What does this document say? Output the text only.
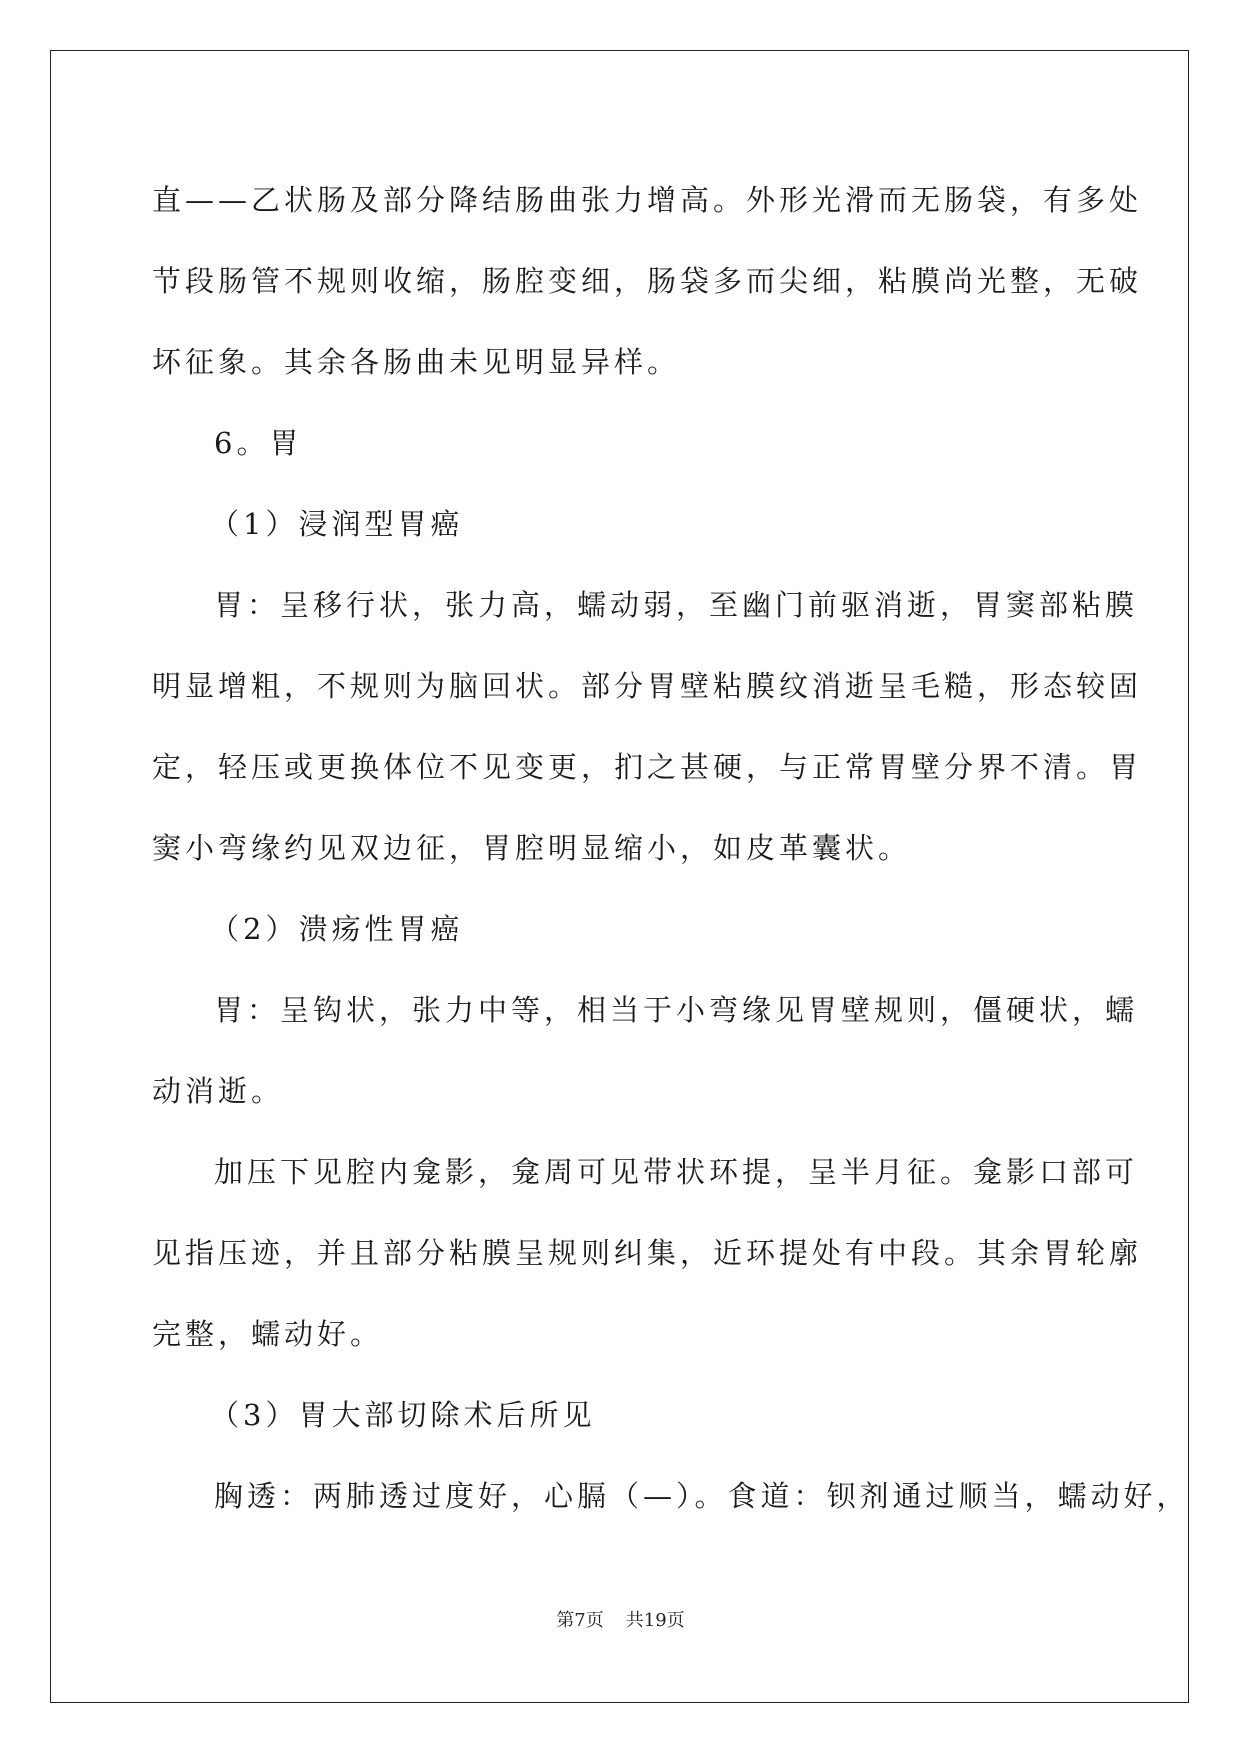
直——乙状肠及部分降结肠曲张力增高。外形光滑而无肠袋，有多处
节段肠管不规则收缩，肠腔变细，肠袋多而尖细，粘膜尚光整，无破
坏征象。其余各肠曲未见明显异样。
6。胃
（1）浸润型胃癌
胃：呈移行状，张力高，蠕动弱，至幽门前驱消逝，胃窦部粘膜
明显增粗，不规则为脑回状。部分胃壁粘膜纹消逝呈毛糙，形态较固
定，轻压或更换体位不见变更，扪之甚硬，与正常胃壁分界不清。胃
窦小弯缘约见双边征，胃腔明显缩小，如皮革囊状。
（2）溃疡性胃癌
胃：呈钩状，张力中等，相当于小弯缘见胃壁规则，僵硬状，蠕
动消逝。
加压下见腔内龛影，龛周可见带状环提，呈半月征。龛影口部可
见指压迹，并且部分粘膜呈规则纠集，近环提处有中段。其余胃轮廓
完整，蠕动好。
（3）胃大部切除术后所见
胸透：两肺透过度好，心膈（—）。食道：钡剂通过顺当，蠕动好，
第7页 共19页
